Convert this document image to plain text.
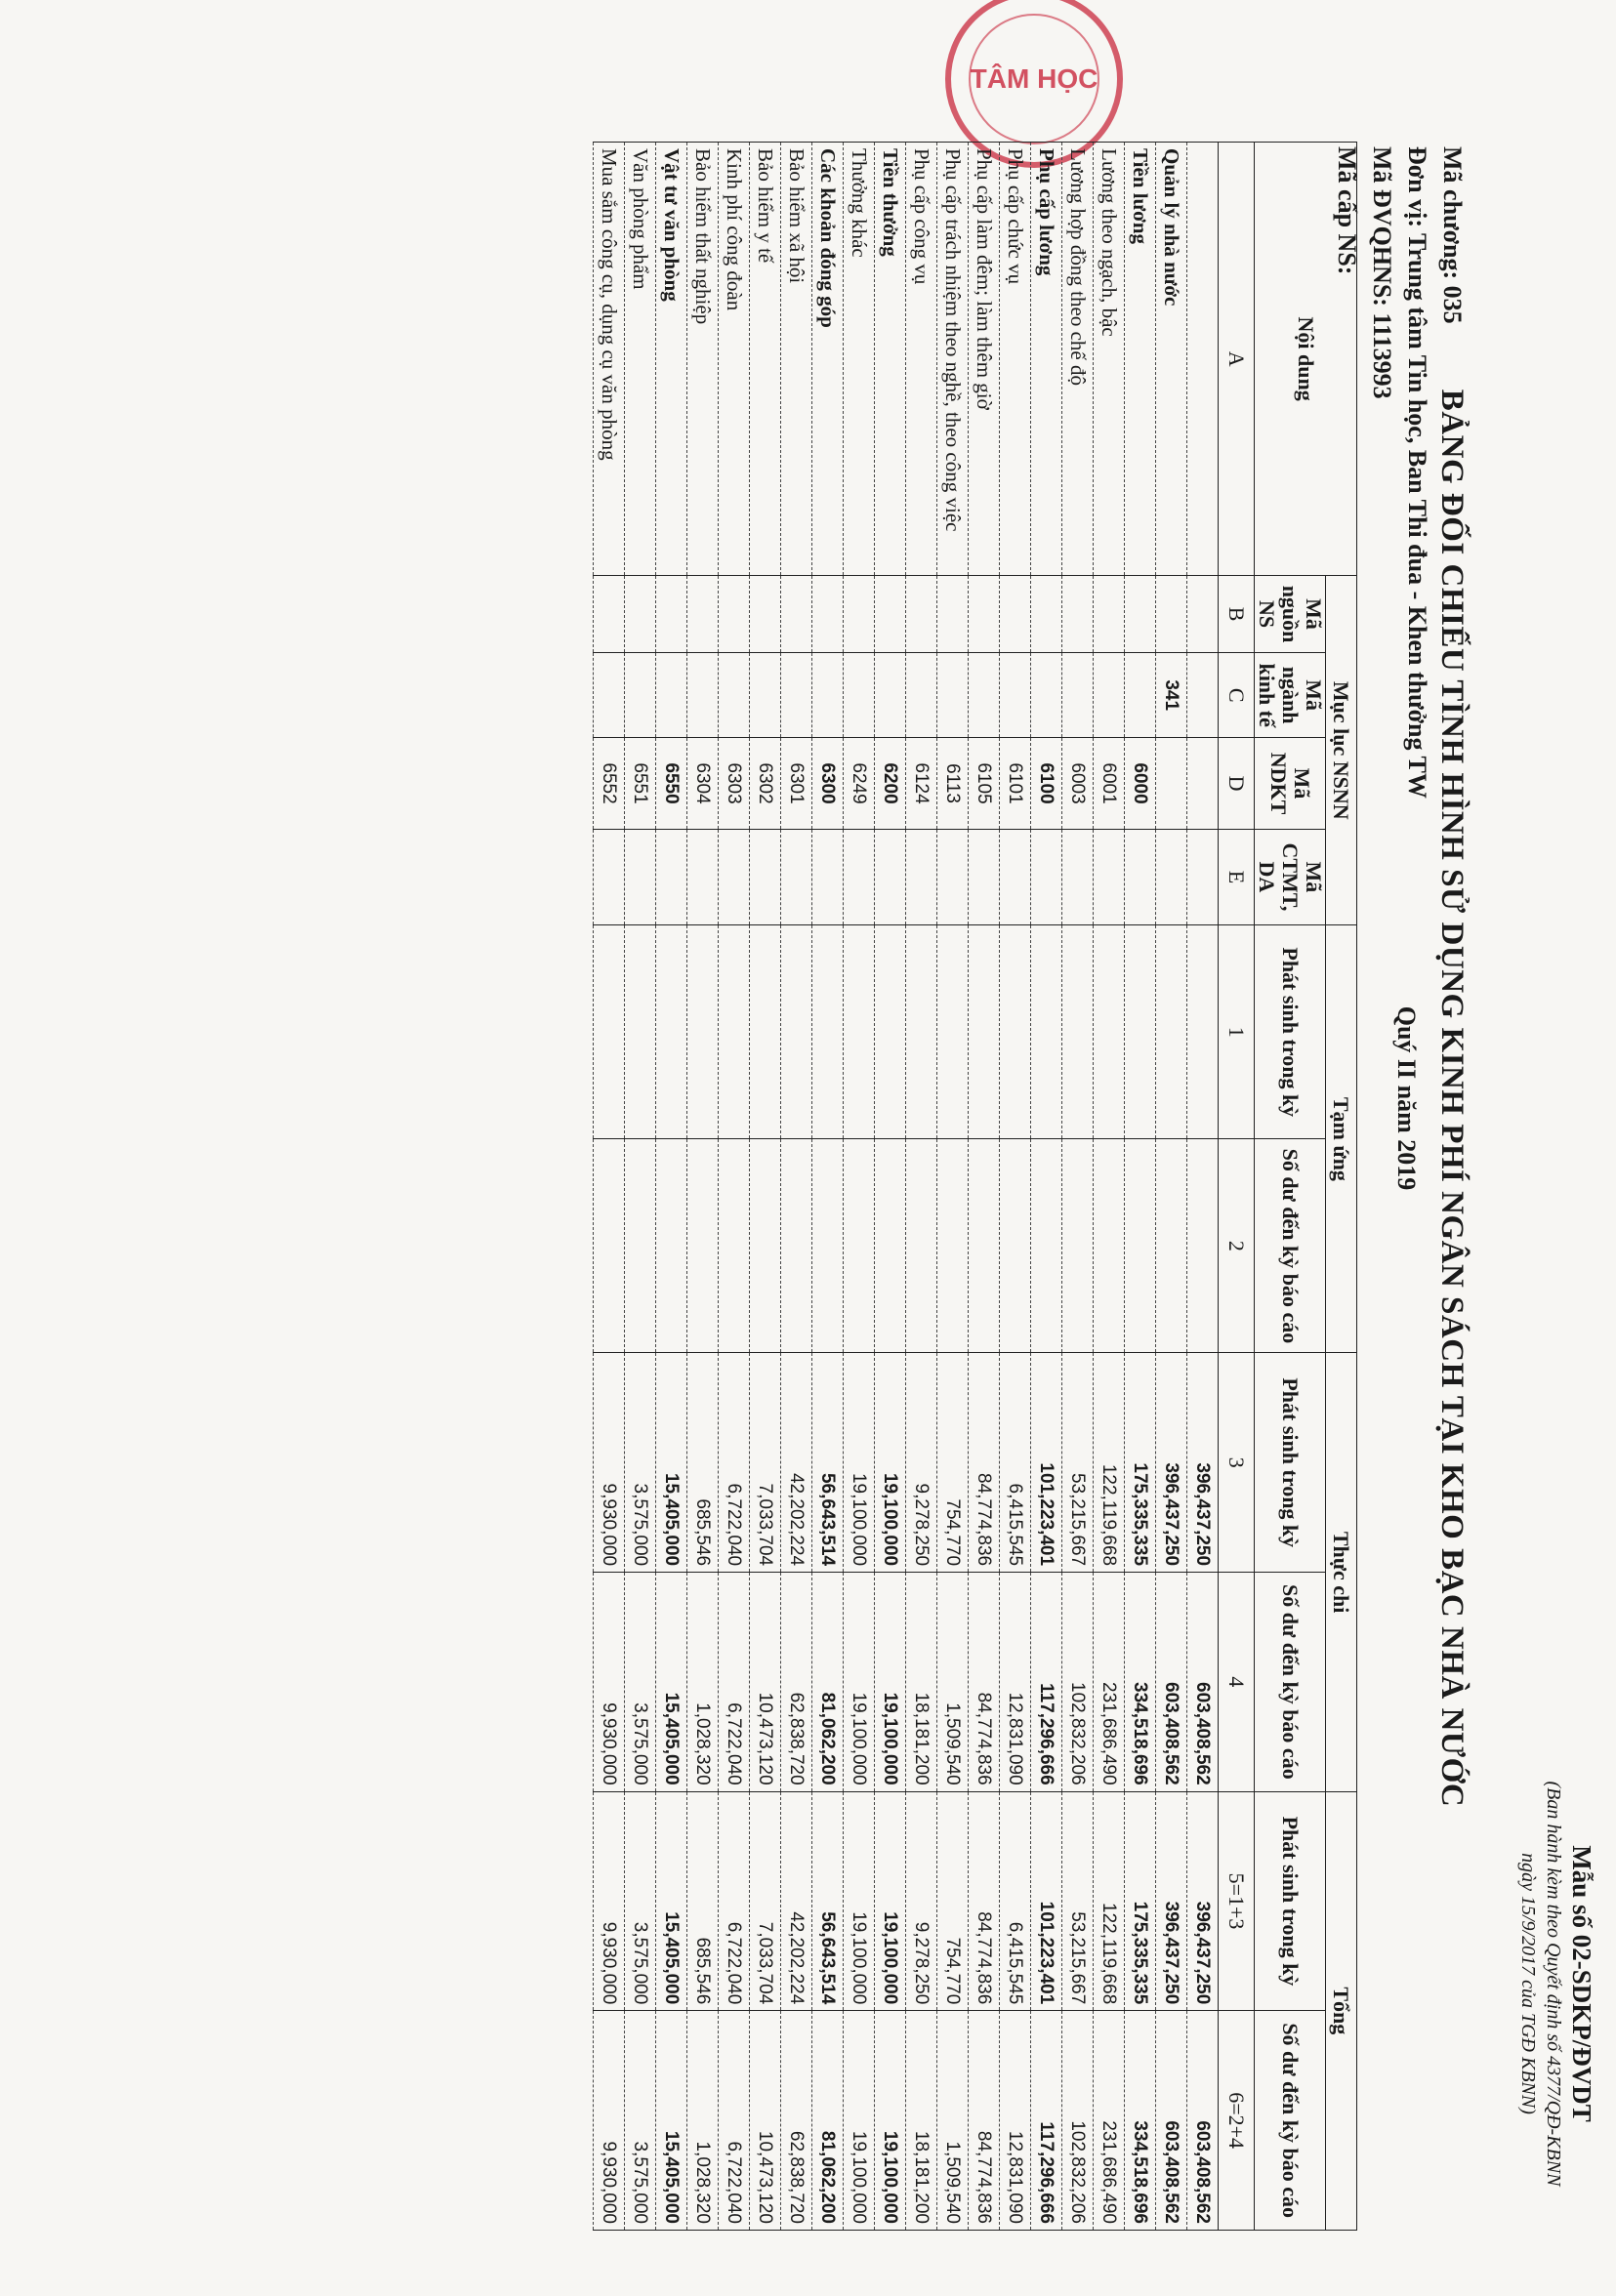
TÂM HỌC
Mẫu số 02-SDKP/ĐVDT
(Ban hành kèm theo Quyết định số 4377/QĐ-KBNN
ngày 15/9/2017 của TGĐ KBNN)
Mã chương: 035
Đơn vị: Trung tâm Tin học, Ban Thi đua - Khen thưởng TW
Mã ĐVQHNS: 1113993
Mã cấp NS:
BẢNG ĐỐI CHIẾU TÌNH HÌNH SỬ DỤNG KINH PHÍ NGÂN SÁCH TẠI KHO BẠC NHÀ NƯỚC
Quý II năm 2019
Nội dung	Mục lục NSNN				Tạm ứng		Thực chi		Tổng	
	Mã nguồn NS	Mã ngành kinh tế	Mã NDKT	Mã CTMT, DA	Phát sinh trong kỳ	Số dư đến kỳ báo cáo	Phát sinh trong kỳ	Số dư đến kỳ báo cáo	Phát sinh trong kỳ	Số dư đến kỳ báo cáo
A	B	C	D	E	1	2	3	4	5=1+3	6=2+4
							396,437,250	603,408,562	396,437,250	603,408,562
Quản lý nhà nước		341					396,437,250	603,408,562	396,437,250	603,408,562
Tiền lương			6000				175,335,335	334,518,696	175,335,335	334,518,696
Lương theo ngạch, bậc			6001				122,119,668	231,686,490	122,119,668	231,686,490
Lương hợp đồng theo chế độ			6003				53,215,667	102,832,206	53,215,667	102,832,206
Phụ cấp lương			6100				101,223,401	117,296,666	101,223,401	117,296,666
Phụ cấp chức vụ			6101				6,415,545	12,831,090	6,415,545	12,831,090
Phụ cấp làm đêm; làm thêm giờ			6105				84,774,836	84,774,836	84,774,836	84,774,836
Phụ cấp trách nhiệm theo nghề, theo công việc			6113				754,770	1,509,540	754,770	1,509,540
Phụ cấp công vụ			6124				9,278,250	18,181,200	9,278,250	18,181,200
Tiền thưởng			6200				19,100,000	19,100,000	19,100,000	19,100,000
Thưởng khác			6249				19,100,000	19,100,000	19,100,000	19,100,000
Các khoản đóng góp			6300				56,643,514	81,062,200	56,643,514	81,062,200
Bảo hiểm xã hội			6301				42,202,224	62,838,720	42,202,224	62,838,720
Bảo hiểm y tế			6302				7,033,704	10,473,120	7,033,704	10,473,120
Kinh phí công đoàn			6303				6,722,040	6,722,040	6,722,040	6,722,040
Bảo hiểm thất nghiệp			6304				685,546	1,028,320	685,546	1,028,320
Vật tư văn phòng			6550				15,405,000	15,405,000	15,405,000	15,405,000
Văn phòng phẩm			6551				3,575,000	3,575,000	3,575,000	3,575,000
Mua sắm công cụ, dụng cụ văn phòng			6552				9,930,000	9,930,000	9,930,000	9,930,000
